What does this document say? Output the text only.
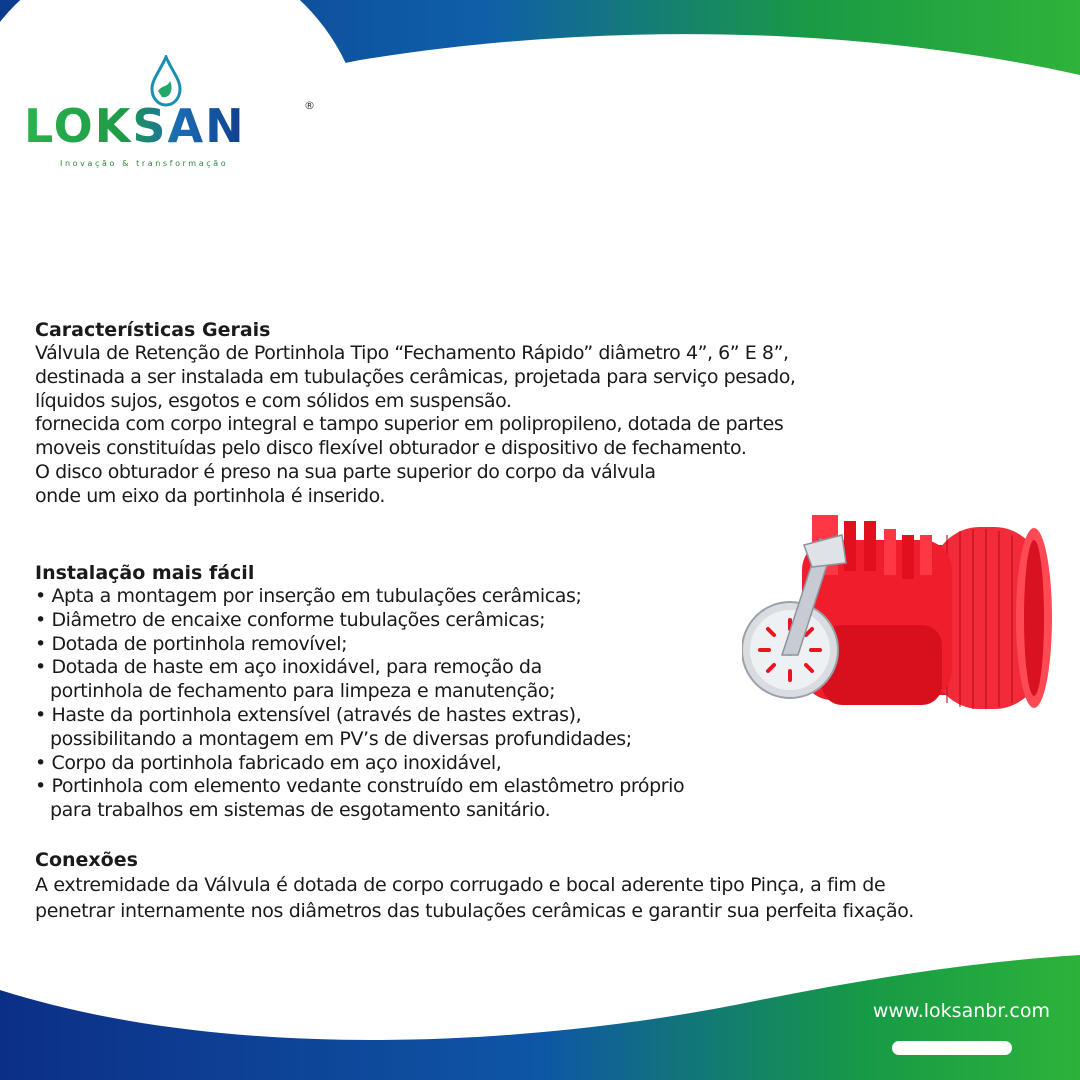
LOKSAN	®
Inovação & transformação
Características Gerais
Válvula de Retenção de Portinhola Tipo “Fechamento Rápido” diâmetro 4”, 6” E 8”,
destinada a ser instalada em tubulações cerâmicas, projetada para serviço pesado,
líquidos sujos, esgotos e com sólidos em suspensão.
fornecida com corpo integral e tampo superior em polipropileno, dotada de partes
moveis constituídas pelo disco flexível obturador e dispositivo de fechamento.
O disco obturador é preso na sua parte superior do corpo da válvula
onde um eixo da portinhola é inserido.
Instalação mais fácil
• Apta a montagem por inserção em tubulações cerâmicas;
• Diâmetro de encaixe conforme tubulações cerâmicas;
• Dotada de portinhola removível;
• Dotada de haste em aço inoxidável, para remoção da
portinhola de fechamento para limpeza e manutenção;
• Haste da portinhola extensível (através de hastes extras),
possibilitando a montagem em PV’s de diversas profundidades;
• Corpo da portinhola fabricado em aço inoxidável,
• Portinhola com elemento vedante construído em elastômetro próprio
para trabalhos em sistemas de esgotamento sanitário.
Conexões
A extremidade da Válvula é dotada de corpo corrugado e bocal aderente tipo Pinça, a fim de
penetrar internamente nos diâmetros das tubulações cerâmicas e garantir sua perfeita fixação.
www.loksanbr.com
